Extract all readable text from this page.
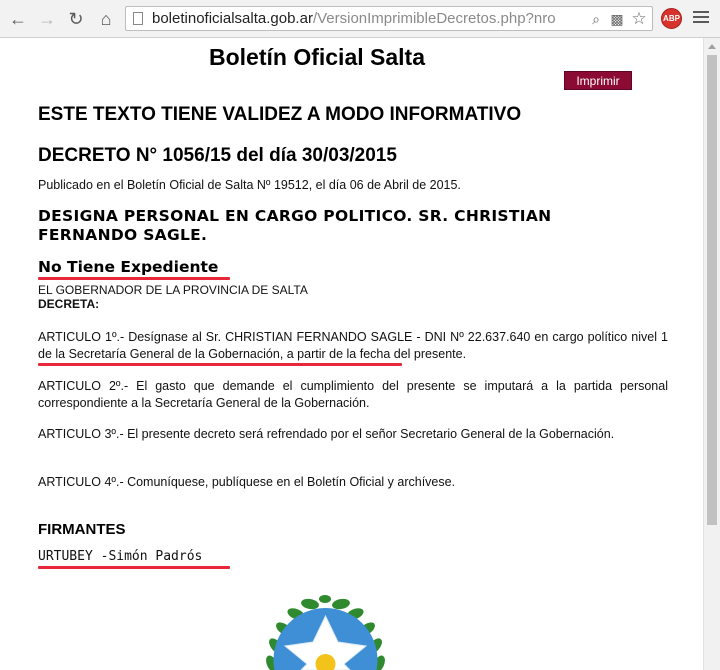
← → ↻ ⌂	boletinoficialsalta.gob.ar/VersionImprimibleDecretos.php?nro	⌕ ▩ ☆ ABP
Boletín Oficial Salta
Imprimir
ESTE TEXTO TIENE VALIDEZ A MODO INFORMATIVO
DECRETO N° 1056/15 del día 30/03/2015
Publicado en el Boletín Oficial de Salta Nº 19512, el día 06 de Abril de 2015.
DESIGNA PERSONAL EN CARGO POLITICO. SR. CHRISTIAN FERNANDO SAGLE.
No Tiene Expediente
EL GOBERNADOR DE LA PROVINCIA DE SALTA
DECRETA:
ARTICULO 1º.- Desígnase al Sr. CHRISTIAN FERNANDO SAGLE - DNI Nº 22.637.640 en cargo político nivel 1 de la Secretaría General de la Gobernación, a partir de la fecha del presente.
ARTICULO 2º.- El gasto que demande el cumplimiento del presente se imputará a la partida personal correspondiente a la Secretaría General de la Gobernación.
ARTICULO 3º.- El presente decreto será refrendado por el señor Secretario General de la Gobernación.
ARTICULO 4º.- Comuníquese, publíquese en el Boletín Oficial y archívese.
FIRMANTES
URTUBEY -Simón Padrós
